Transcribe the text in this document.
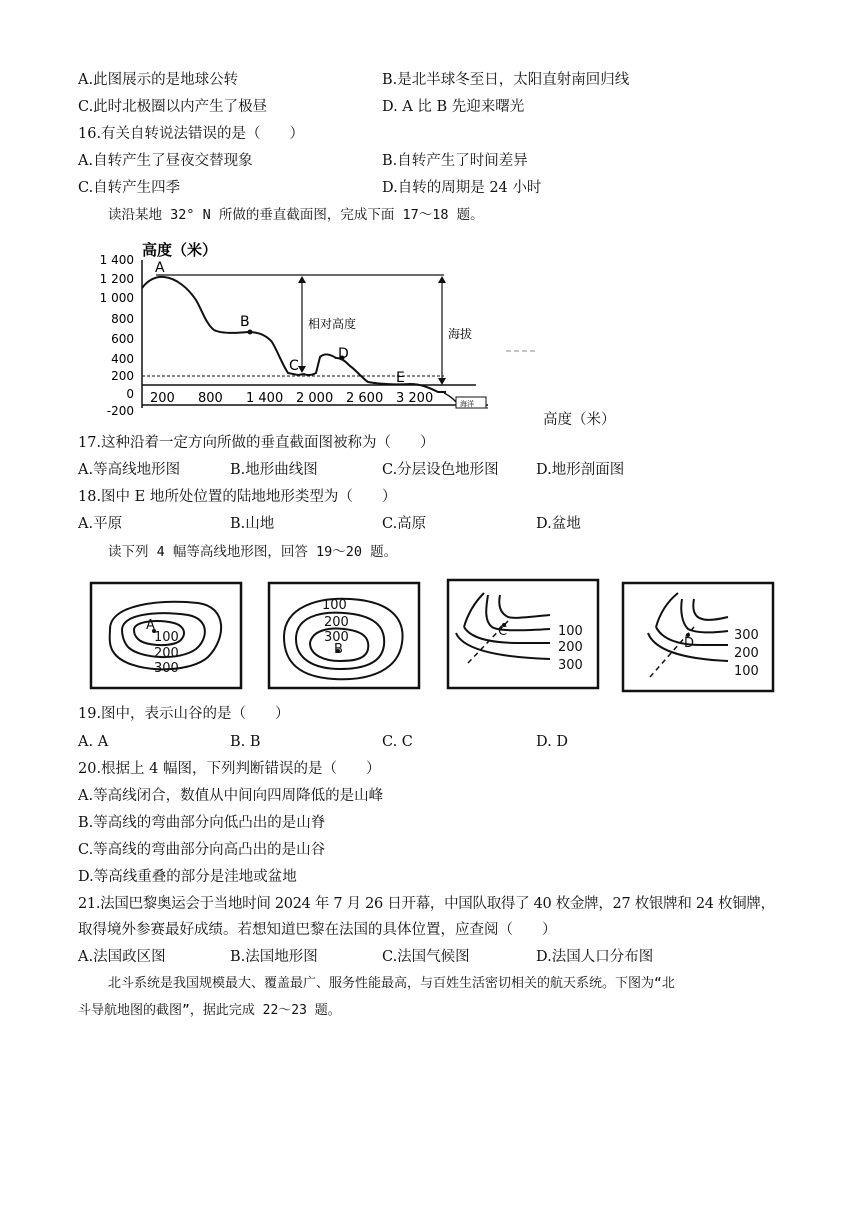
A.此图展示的是地球公转	B.是北半球冬至日，太阳直射南回归线
C.此时北极圈以内产生了极昼	D. A 比 B 先迎来曙光
16.有关自转说法错误的是（　　）
A.自转产生了昼夜交替现象	B.自转产生了时间差异
C.自转产生四季	D.自转的周期是 24 小时
读沿某地 32° N 所做的垂直截面图，完成下面 17～18 题。
高度（米）
1 400
1 200
1 000
800
600
400
200
0
-200
200 800 1 400 2 000 2 600 3 200	海洋
A
B
C
D
E
相对高度
海拔
高度（米）
17.这种沿着一定方向所做的垂直截面图被称为（　　）
A.等高线地形图	B.地形曲线图	C.分层设色地形图	D.地形剖面图
18.图中 E 地所处位置的陆地地形类型为（　　）
A.平原	B.山地	C.高原	D.盆地
读下列 4 幅等高线地形图，回答 19～20 题。
A
100
200
300
100
200
300
B
C	100
200
300
D
300
200
100
19.图中，表示山谷的是（　　）
A. A	B. B	C. C	D. D
20.根据上 4 幅图，下列判断错误的是（　　）
A.等高线闭合，数值从中间向四周降低的是山峰
B.等高线的弯曲部分向低凸出的是山脊
C.等高线的弯曲部分向高凸出的是山谷
D.等高线重叠的部分是洼地或盆地
21.法国巴黎奥运会于当地时间 2024 年 7 月 26 日开幕，中国队取得了 40 枚金牌，27 枚银牌和 24 枚铜牌，
取得境外参赛最好成绩。若想知道巴黎在法国的具体位置，应查阅（　　）
A.法国政区图	B.法国地形图	C.法国气候图	D.法国人口分布图
北斗系统是我国规模最大、覆盖最广、服务性能最高，与百姓生活密切相关的航天系统。下图为“北
斗导航地图的截图”，据此完成 22～23 题。
